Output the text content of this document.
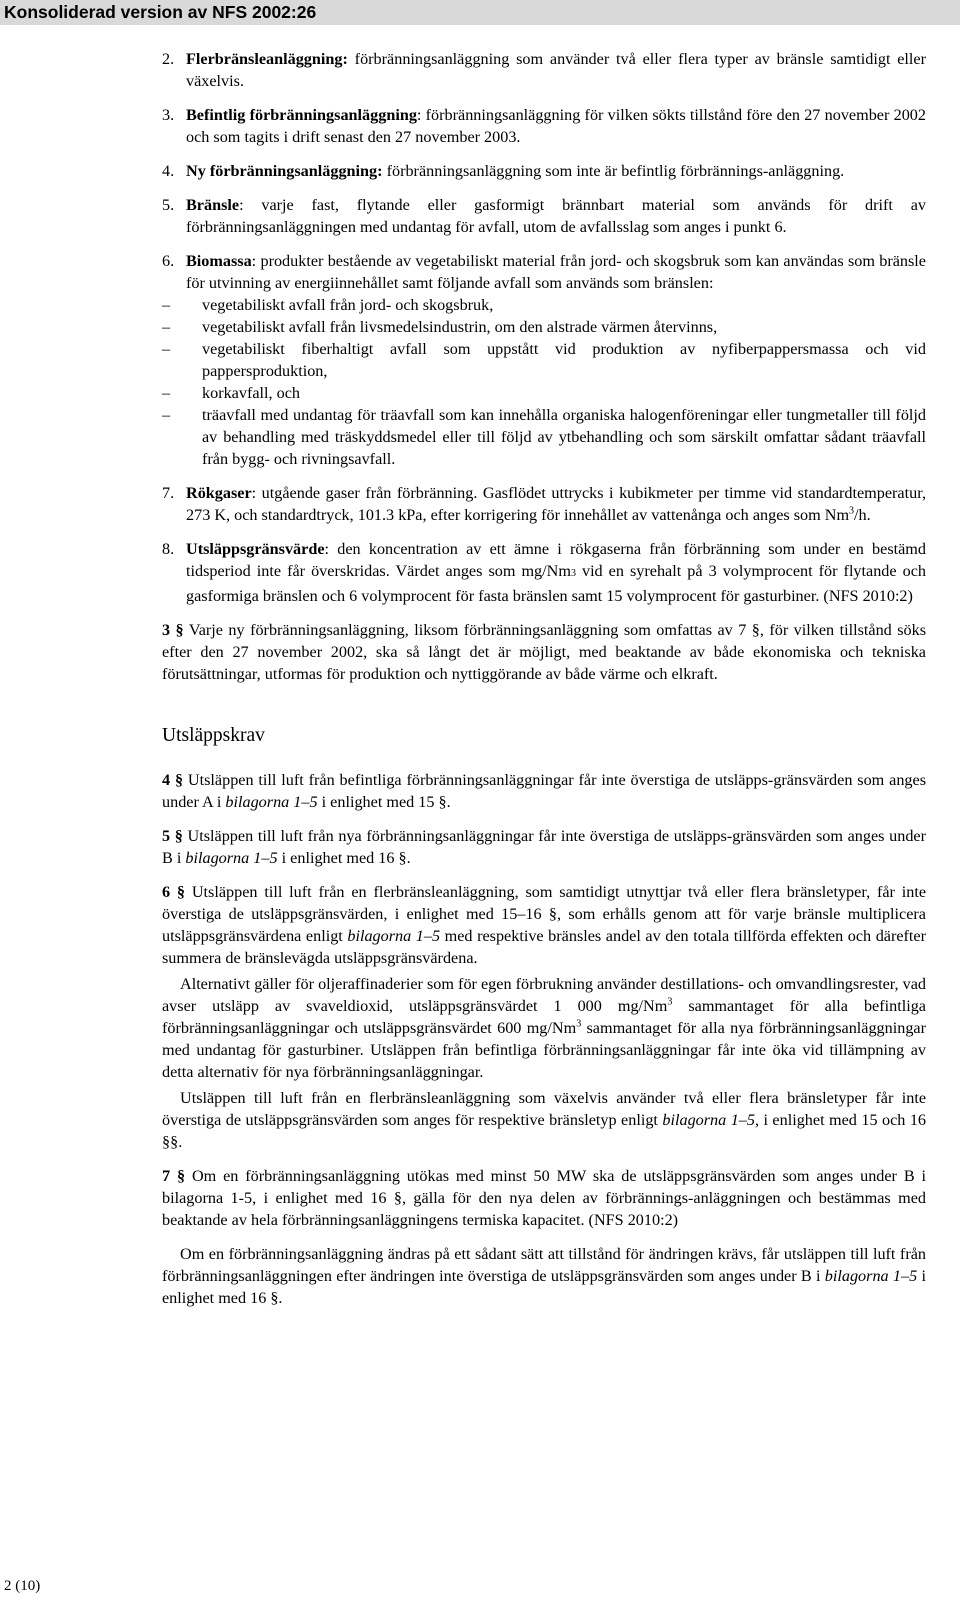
Konsoliderad version av NFS 2002:26
2. Flerbränsleanläggning: förbränningsanläggning som använder två eller flera typer av bränsle samtidigt eller växelvis.
3. Befintlig förbränningsanläggning: förbränningsanläggning för vilken sökts tillstånd före den 27 november 2002 och som tagits i drift senast den 27 november 2003.
4. Ny förbränningsanläggning: förbränningsanläggning som inte är befintlig förbrännings-anläggning.
5. Bränsle: varje fast, flytande eller gasformigt brännbart material som används för drift av förbränningsanläggningen med undantag för avfall, utom de avfallsslag som anges i punkt 6.
6. Biomassa: produkter bestående av vegetabiliskt material från jord- och skogsbruk som kan användas som bränsle för utvinning av energiinnehållet samt följande avfall som används som bränslen:
–	vegetabiliskt avfall från jord- och skogsbruk,
–	vegetabiliskt avfall från livsmedelsindustrin, om den alstrade värmen återvinns,
–	vegetabiliskt fiberhaltigt avfall som uppstått vid produktion av nyfiberpappersmassa och vid pappersproduktion,
–	korkavfall, och
–	träavfall med undantag för träavfall som kan innehålla organiska halogenföreningar eller tungmetaller till följd av behandling med träskyddsmedel eller till följd av ytbehandling och som särskilt omfattar sådant träavfall från bygg- och rivningsavfall.
7. Rökgaser: utgående gaser från förbränning. Gasflödet uttrycks i kubikmeter per timme vid standardtemperatur, 273 K, och standardtryck, 101.3 kPa, efter korrigering för innehållet av vattenånga och anges som Nm$^3$/h.
8. Utsläppsgränsvärde: den koncentration av ett ämne i rökgaserna från förbränning som under en bestämd tidsperiod inte får överskridas. Värdet anges som mg/Nm3 vid en syrehalt på 3 volymprocent för flytande och gasformiga bränslen och 6 volymprocent för fasta bränslen samt 15 volymprocent för gasturbiner. (NFS 2010:2)

3 § Varje ny förbränningsanläggning, liksom förbränningsanläggning som omfattas av 7 §, för vilken tillstånd söks efter den 27 november 2002, ska så långt det är möjligt, med beaktande av både ekonomiska och tekniska förutsättningar, utformas för produktion och nyttiggörande av både värme och elkraft.

Utsläppskrav

4 § Utsläppen till luft från befintliga förbränningsanläggningar får inte överstiga de utsläpps-gränsvärden som anges under A i bilagorna 1–5 i enlighet med 15 §.

5 § Utsläppen till luft från nya förbränningsanläggningar får inte överstiga de utsläpps-gränsvärden som anges under B i bilagorna 1–5 i enlighet med 16 §.

6 § Utsläppen till luft från en flerbränsleanläggning, som samtidigt utnyttjar två eller flera bränsletyper, får inte överstiga de utsläppsgränsvärden, i enlighet med 15–16 §, som erhålls genom att för varje bränsle multiplicera utsläppsgränsvärdena enligt bilagorna 1–5 med respektive bränsles andel av den totala tillförda effekten och därefter summera de bränslevägda utsläppsgränsvärdena.

Alternativt gäller för oljeraffinaderier som för egen förbrukning använder destillations- och omvandlingsrester, vad avser utsläpp av svaveldioxid, utsläppsgränsvärdet 1 000 mg/Nm$^3$ sammantaget för alla befintliga förbränningsanläggningar och utsläppsgränsvärdet 600 mg/Nm$^3$ sammantaget för alla nya förbränningsanläggningar med undantag för gasturbiner. Utsläppen från befintliga förbränningsanläggningar får inte öka vid tillämpning av detta alternativ för nya förbränningsanläggningar.

Utsläppen till luft från en flerbränsleanläggning som växelvis använder två eller flera bränsletyper får inte överstiga de utsläppsgränsvärden som anges för respektive bränsletyp enligt bilagorna 1–5, i enlighet med 15 och 16 §§.

7 § Om en förbränningsanläggning utökas med minst 50 MW ska de utsläppsgränsvärden som anges under B i bilagorna 1-5, i enlighet med 16 §, gälla för den nya delen av förbrännings-anläggningen och bestämmas med beaktande av hela förbränningsanläggningens termiska kapacitet. (NFS 2010:2)

Om en förbränningsanläggning ändras på ett sådant sätt att tillstånd för ändringen krävs, får utsläppen till luft från förbränningsanläggningen efter ändringen inte överstiga de utsläppsgränsvärden som anges under B i bilagorna 1–5 i enlighet med 16 §.

2 (10)
